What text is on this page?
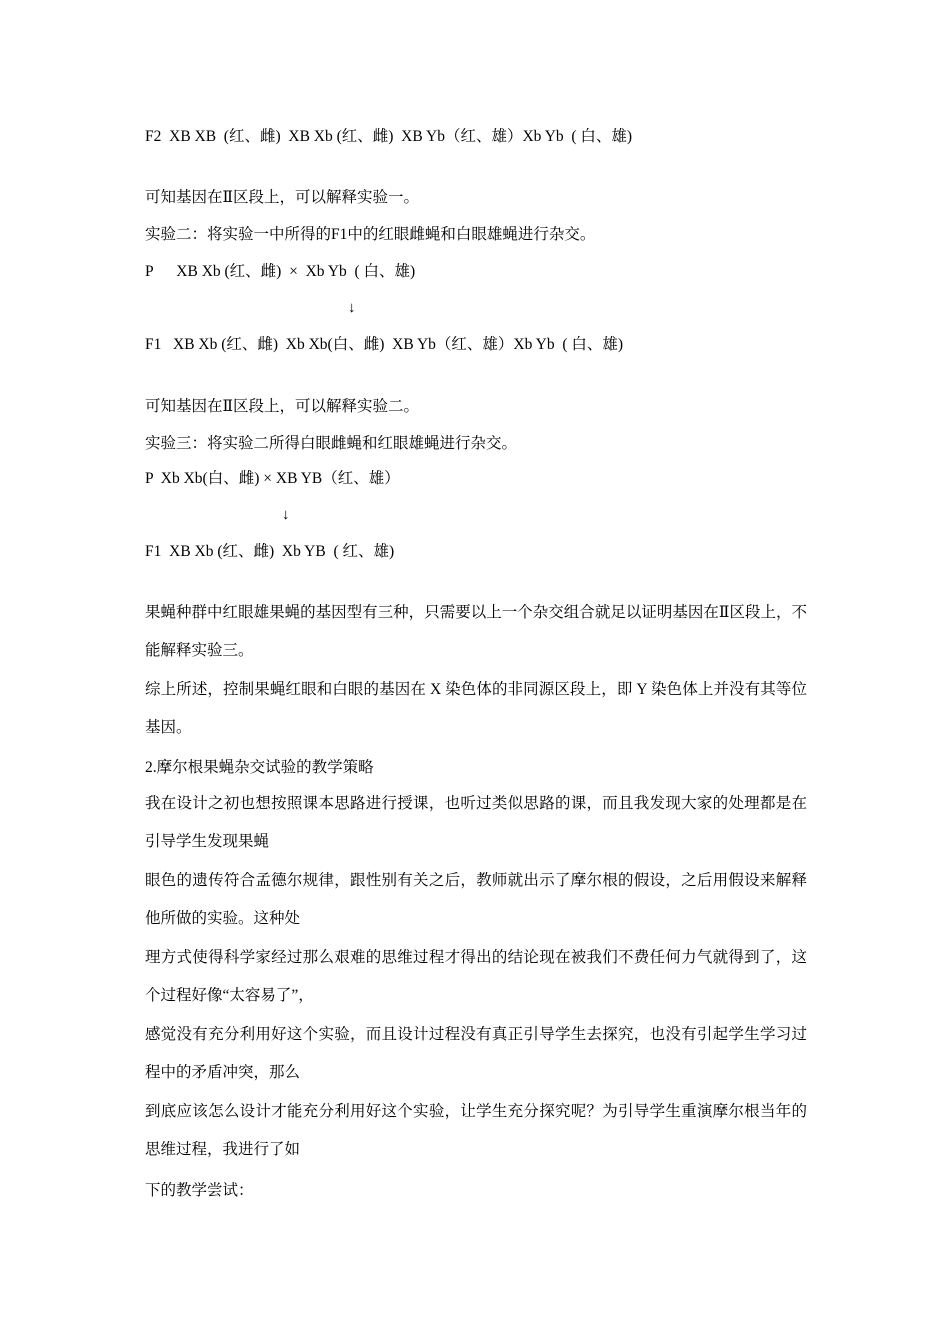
F2  XB XB  (红、雌)  XB Xb (红、雌)  XB Yb（红、雄）Xb Yb  ( 白、雄)
可知基因在Ⅱ区段上，可以解释实验一。
实验二：将实验一中所得的F1中的红眼雌蝇和白眼雄蝇进行杂交。
P      XB Xb (红、雌)  ×  Xb Yb  ( 白、雄)
↓
F1   XB Xb (红、雌)  Xb Xb(白、雌)  XB Yb（红、雄）Xb Yb  ( 白、雄)
可知基因在Ⅱ区段上，可以解释实验二。
实验三：将实验二所得白眼雌蝇和红眼雄蝇进行杂交。
P  Xb Xb(白、雌) × XB YB（红、雄）
↓
F1  XB Xb (红、雌)  Xb YB  ( 红、雄)
果蝇种群中红眼雄果蝇的基因型有三种，只需要以上一个杂交组合就足以证明基因在Ⅱ区段上，不能解释实验三。
综上所述，控制果蝇红眼和白眼的基因在 X 染色体的非同源区段上，即 Y 染色体上并没有其等位基因。
2.摩尔根果蝇杂交试验的教学策略
我在设计之初也想按照课本思路进行授课，也听过类似思路的课，而且我发现大家的处理都是在引导学生发现果蝇
眼色的遗传符合孟德尔规律，跟性别有关之后，教师就出示了摩尔根的假设，之后用假设来解释他所做的实验。这种处
理方式使得科学家经过那么艰难的思维过程才得出的结论现在被我们不费任何力气就得到了，这个过程好像“太容易了”，
感觉没有充分利用好这个实验，而且设计过程没有真正引导学生去探究，也没有引起学生学习过程中的矛盾冲突，那么
到底应该怎么设计才能充分利用好这个实验，让学生充分探究呢？为引导学生重演摩尔根当年的思维过程，我进行了如
下的教学尝试：
